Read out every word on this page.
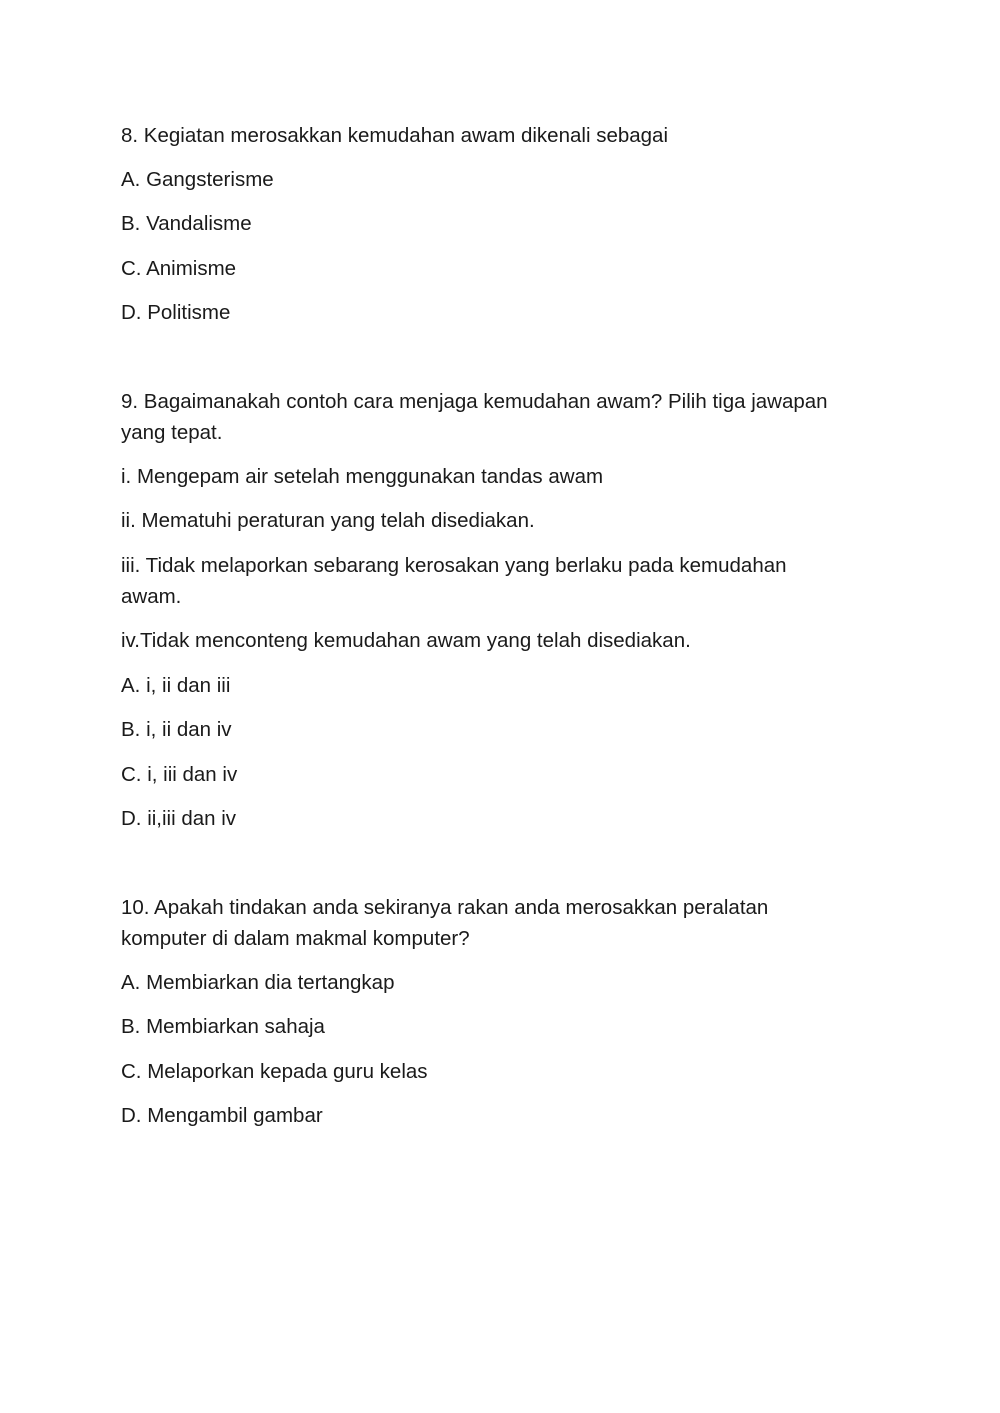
8. Kegiatan merosakkan kemudahan awam dikenali sebagai
A. Gangsterisme
B. Vandalisme
C. Animisme
D. Politisme
9. Bagaimanakah contoh cara menjaga kemudahan awam? Pilih tiga jawapan
yang tepat.
i. Mengepam air setelah menggunakan tandas awam
ii. Mematuhi peraturan yang telah disediakan.
iii. Tidak melaporkan sebarang kerosakan yang berlaku pada kemudahan
awam.
iv.Tidak menconteng kemudahan awam yang telah disediakan.
A. i, ii dan iii
B. i, ii dan iv
C. i, iii dan iv
D. ii,iii dan iv
10. Apakah tindakan anda sekiranya rakan anda merosakkan peralatan
komputer di dalam makmal komputer?
A. Membiarkan dia tertangkap
B. Membiarkan sahaja
C. Melaporkan kepada guru kelas
D. Mengambil gambar
